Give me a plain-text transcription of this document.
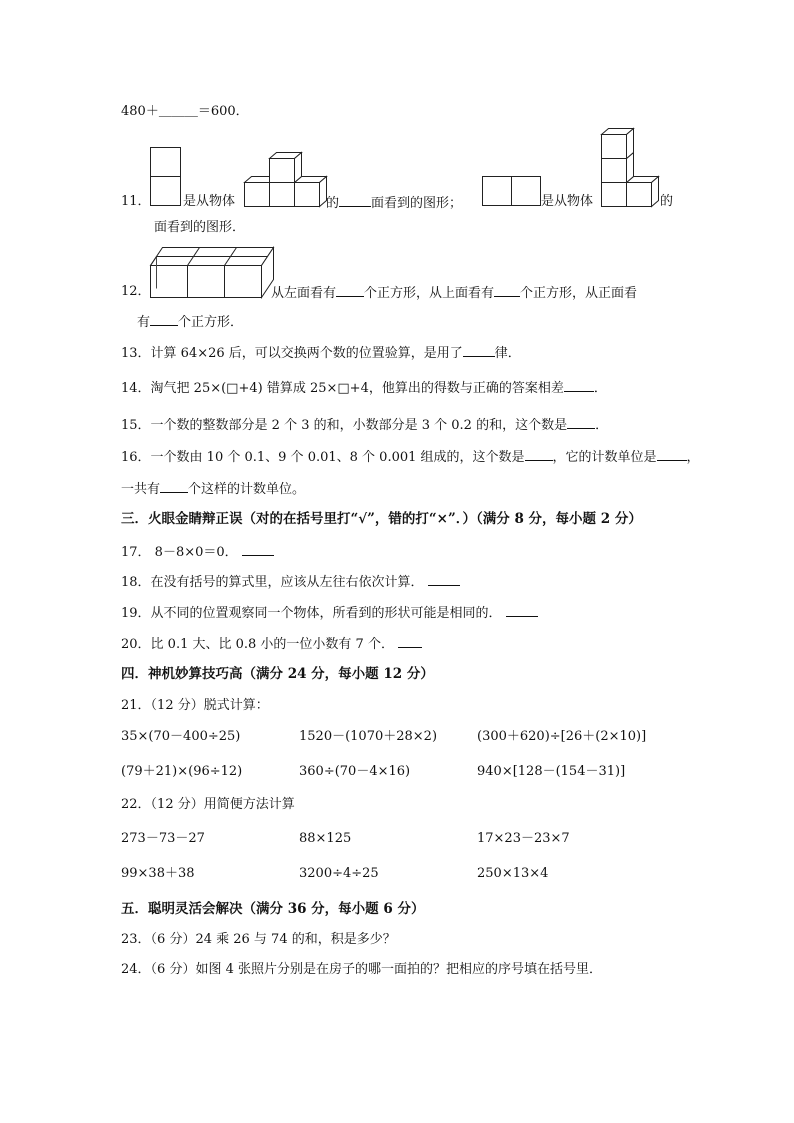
480＋＿＿＿＝600．
11． 是从物体	的 面看到的图形；	是从物体	的
面看到的图形．
12．	从左面看有 个正方形，从上面看有 个正方形，从正面看
有 个正方形．
13．计算 64×26 后，可以交换两个数的位置验算，是用了 律．
14．淘气把 25×(□+4) 错算成 25×□+4，他算出的得数与正确的答案相差 ．
15．一个数的整数部分是 2 个 3 的和，小数部分是 3 个 0.2 的和，这个数是 ．
16．一个数由 10 个 0.1、9 个 0.01、8 个 0.001 组成的，这个数是 ，它的计数单位是 ，
一共有 个这样的计数单位。
三．火眼金睛辩正误（对的在括号里打“√”，错的打“×”．）（满分 8 分，每小题 2 分）
17． 8－8×0＝0．
18．在没有括号的算式里，应该从左往右依次计算．
19．从不同的位置观察同一个物体，所看到的形状可能是相同的．
20．比 0.1 大、比 0.8 小的一位小数有 7 个．
四．神机妙算技巧高（满分 24 分，每小题 12 分）
21．（12 分）脱式计算：
35×(70－400÷25)	1520－(1070＋28×2)	(300＋620)÷[26＋(2×10)]
(79＋21)×(96÷12)	360÷(70－4×16)	940×[128－(154－31)]
22．（12 分）用简便方法计算
273－73－27	88×125	17×23－23×7
99×38＋38	3200÷4÷25	250×13×4
五．聪明灵活会解决（满分 36 分，每小题 6 分）
23．（6 分）24 乘 26 与 74 的和，积是多少？
24．（6 分）如图 4 张照片分别是在房子的哪一面拍的？把相应的序号填在括号里．
